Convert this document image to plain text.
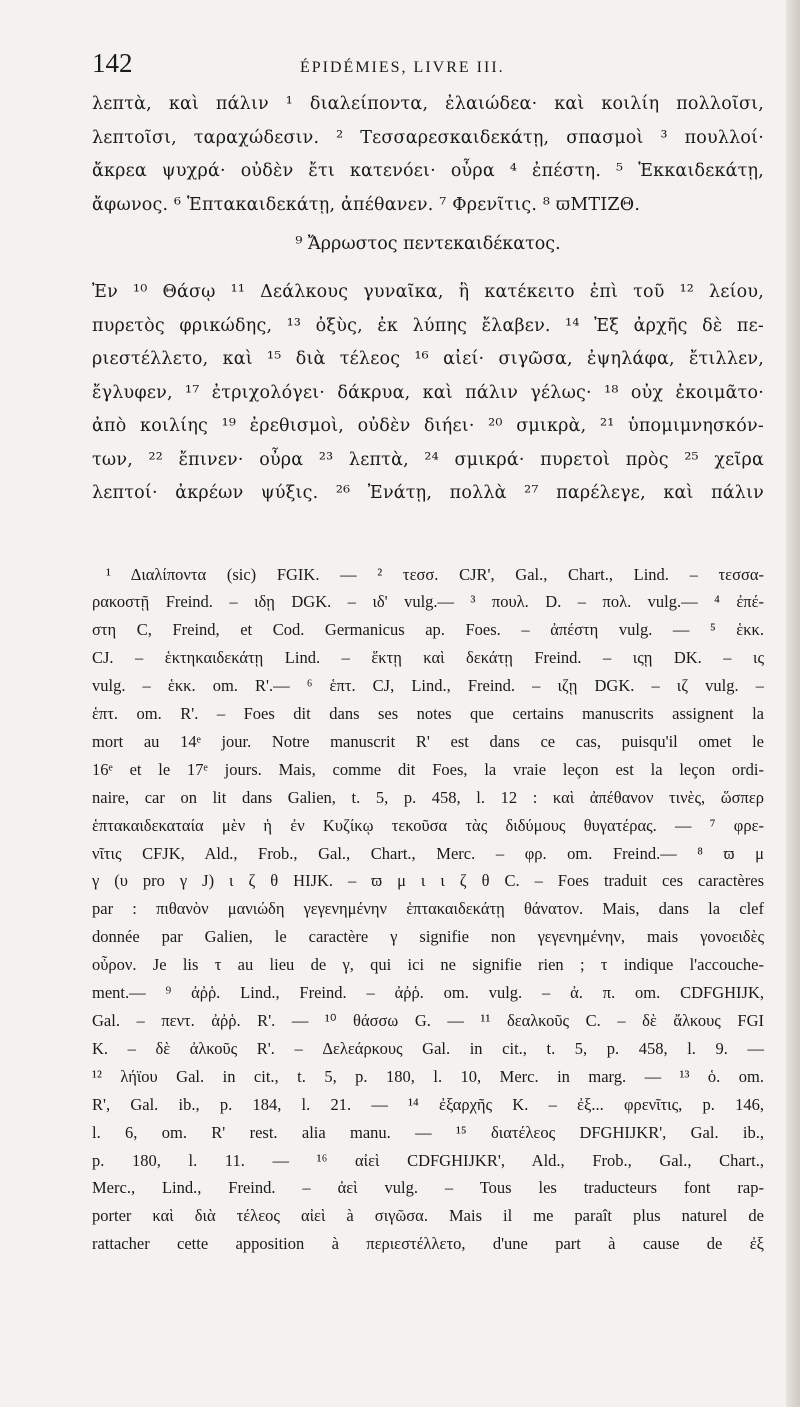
142	ÉPIDÉMIES, LIVRE III.
λεπτὰ, καὶ πάλιν ¹ διαλείποντα, ἐλαιώδεα· καὶ κοιλίη πολλοῖσι,
λεπτοῖσι, ταραχώδεσιν. ² Τεσσαρεσκαιδεκάτῃ, σπασμοὶ ³ πουλλοί·
ἄκρεα ψυχρά· οὐδὲν ἔτι κατενόει· οὖρα ⁴ ἐπέστη. ⁵ Ἑκκαιδεκάτῃ,
ἄφωνος. ⁶ Ἑπτακαιδεκάτῃ, ἀπέθανεν. ⁷ Φρενῖτις. ⁸ ϖΜΤΙΖΘ.
⁹ Ἄρρωστος πεντεκαιδέκατος.
Ἐν ¹⁰ Θάσῳ ¹¹ Δεάλκους γυναῖκα, ἣ κατέκειτο ἐπὶ τοῦ ¹² λείου,
πυρετὸς φρικώδης, ¹³ ὀξὺς, ἐκ λύπης ἔλαβεν. ¹⁴ Ἐξ ἀρχῆς δὲ πε-
ριεστέλλετο, καὶ ¹⁵ διὰ τέλεος ¹⁶ αἰεί· σιγῶσα, ἐψηλάφα, ἔτιλλεν,
ἔγλυφεν, ¹⁷ ἐτριχολόγει· δάκρυα, καὶ πάλιν γέλως· ¹⁸ οὐχ ἐκοιμᾶτο·
ἀπὸ κοιλίης ¹⁹ ἐρεθισμοὶ, οὐδὲν διήει· ²⁰ σμικρὰ, ²¹ ὑπομιμνησκόν-
των, ²² ἔπινεν· οὖρα ²³ λεπτὰ, ²⁴ σμικρά· πυρετοὶ πρὸς ²⁵ χεῖρα
λεπτοί· ἀκρέων ψύξις. ²⁶ Ἐνάτῃ, πολλὰ ²⁷ παρέλεγε, καὶ πάλιν
¹ Διαλίποντα (sic) FGIK. — ² τεσσ. CJR', Gal., Chart., Lind. – τεσσα-
ρακοστῇ Freind. – ιδῃ DGK. – ιδ' vulg.— ³ πουλ. D. – πολ. vulg.— ⁴ ἐπέ-
στη C, Freind, et Cod. Germanicus ap. Foes. – ἀπέστη vulg. — ⁵ ἑκκ.
CJ. – ἑκτηκαιδεκάτῃ Lind. – ἕκτῃ καὶ δεκάτῃ Freind. – ιςῃ DK. – ις
vulg. – ἑκκ. om. R'.— ⁶ ἑπτ. CJ, Lind., Freind. – ιζῃ DGK. – ιζ vulg. –
ἑπτ. om. R'. – Foes dit dans ses notes que certains manuscrits assignent la
mort au 14ᵉ jour. Notre manuscrit R' est dans ce cas, puisqu'il omet le
16ᵉ et le 17ᵉ jours. Mais, comme dit Foes, la vraie leçon est la leçon ordi-
naire, car on lit dans Galien, t. 5, p. 458, l. 12 : καὶ ἀπέθανον τινὲς, ὥσπερ
ἑπτακαιδεκαταία μὲν ἡ ἐν Κυζίκῳ τεκοῦσα τὰς διδύμους θυγατέρας. — ⁷ φρε-
νῖτις CFJK, Ald., Frob., Gal., Chart., Merc. – φρ. om. Freind.— ⁸ ϖ μ
γ (υ pro γ J) ι ζ θ HIJK. – ϖ μ ι ι ζ θ C. – Foes traduit ces caractères
par : πιθανὸν μανιώδη γεγενημένην ἑπτακαιδεκάτῃ θάνατον. Mais, dans la clef
donnée par Galien, le caractère γ signifie non γεγενημένην, mais γονοειδὲς
οὖρον. Je lis τ au lieu de γ, qui ici ne signifie rien ; τ indique l'accouche-
ment.— ⁹ ἀῤῥ. Lind., Freind. – ἀῤῥ. om. vulg. – ἀ. π. om. CDFGHIJK,
Gal. – πεντ. ἀῤῥ. R'. — ¹⁰ θάσσω G. — ¹¹ δεαλκοῦς C. – δὲ ἄλκους FGI
K. – δὲ ἀλκοῦς R'. – Δελεάρκους Gal. in cit., t. 5, p. 458, l. 9. —
¹² λήϊου Gal. in cit., t. 5, p. 180, l. 10, Merc. in marg. — ¹³ ὁ. om.
R', Gal. ib., p. 184, l. 21. — ¹⁴ ἐξαρχῆς K. – ἐξ... φρενῖτις, p. 146,
l. 6, om. R' rest. alia manu. — ¹⁵ διατέλεος DFGHIJKR', Gal. ib.,
p. 180, l. 11. — ¹⁶ αἰεὶ CDFGHIJKR', Ald., Frob., Gal., Chart.,
Merc., Lind., Freind. – ἀεὶ vulg. – Tous les traducteurs font rap-
porter καὶ διὰ τέλεος αἰεὶ à σιγῶσα. Mais il me paraît plus naturel de
rattacher cette apposition à περιεστέλλετο, d'une part à cause de ἐξ
